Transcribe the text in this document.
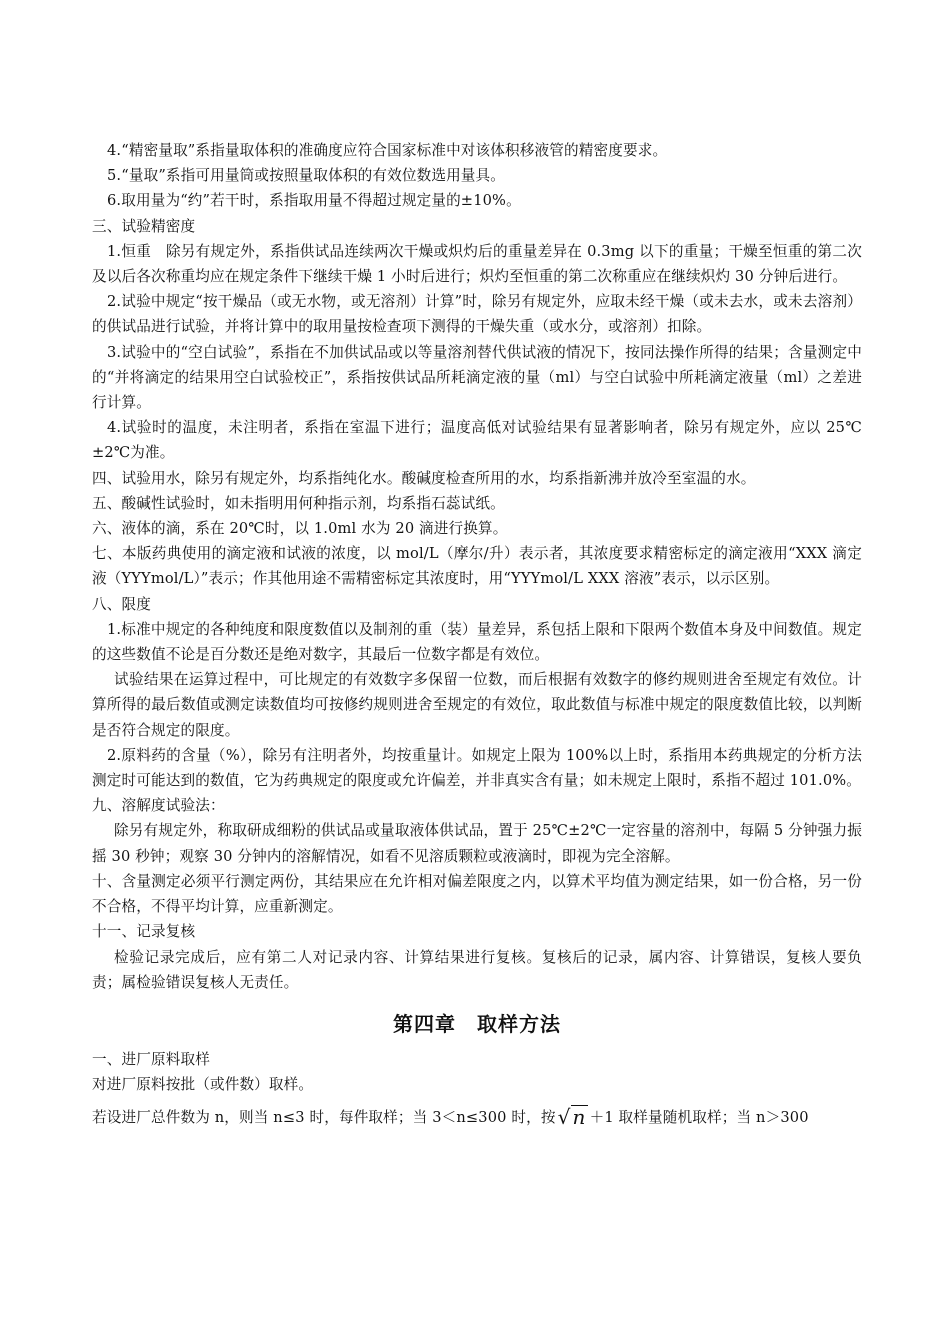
4.“精密量取”系指量取体积的准确度应符合国家标准中对该体积移液管的精密度要求。

5.“量取”系指可用量筒或按照量取体积的有效位数选用量具。

6.取用量为“约”若干时，系指取用量不得超过规定量的±10%。

三、试验精密度

1.恒重　除另有规定外，系指供试品连续两次干燥或炽灼后的重量差异在 0.3mg 以下的重量；干燥至恒重的第二次及以后各次称重均应在规定条件下继续干燥 1 小时后进行；炽灼至恒重的第二次称重应在继续炽灼 30 分钟后进行。

2.试验中规定“按干燥品（或无水物，或无溶剂）计算”时，除另有规定外，应取未经干燥（或未去水，或未去溶剂）的供试品进行试验，并将计算中的取用量按检查项下测得的干燥失重（或水分，或溶剂）扣除。

3.试验中的“空白试验”，系指在不加供试品或以等量溶剂替代供试液的情况下，按同法操作所得的结果；含量测定中的“并将滴定的结果用空白试验校正”，系指按供试品所耗滴定液的量（ml）与空白试验中所耗滴定液量（ml）之差进行计算。

4.试验时的温度，未注明者，系指在室温下进行；温度高低对试验结果有显著影响者，除另有规定外，应以 25℃±2℃为准。

四、试验用水，除另有规定外，均系指纯化水。酸碱度检查所用的水，均系指新沸并放冷至室温的水。

五、酸碱性试验时，如未指明用何种指示剂，均系指石蕊试纸。

六、液体的滴，系在 20℃时，以 1.0ml 水为 20 滴进行换算。

七、本版药典使用的滴定液和试液的浓度，以 mol/L（摩尔/升）表示者，其浓度要求精密标定的滴定液用“XXX 滴定液（YYYmol/L）”表示；作其他用途不需精密标定其浓度时，用“YYYmol/L XXX 溶液”表示，以示区别。

八、限度

1.标准中规定的各种纯度和限度数值以及制剂的重（装）量差异，系包括上限和下限两个数值本身及中间数值。规定的这些数值不论是百分数还是绝对数字，其最后一位数字都是有效位。

试验结果在运算过程中，可比规定的有效数字多保留一位数，而后根据有效数字的修约规则进舍至规定有效位。计算所得的最后数值或测定读数值均可按修约规则进舍至规定的有效位，取此数值与标准中规定的限度数值比较，以判断是否符合规定的限度。

2.原料药的含量（%），除另有注明者外，均按重量计。如规定上限为 100%以上时，系指用本药典规定的分析方法测定时可能达到的数值，它为药典规定的限度或允许偏差，并非真实含有量；如未规定上限时，系指不超过 101.0%。

九、溶解度试验法：

除另有规定外，称取研成细粉的供试品或量取液体供试品，置于 25℃±2℃一定容量的溶剂中，每隔 5 分钟强力振摇 30 秒钟；观察 30 分钟内的溶解情况，如看不见溶质颗粒或液滴时，即视为完全溶解。

十、含量测定必须平行测定两份，其结果应在允许相对偏差限度之内，以算术平均值为测定结果，如一份合格，另一份不合格，不得平均计算，应重新测定。

十一、记录复核

检验记录完成后，应有第二人对记录内容、计算结果进行复核。复核后的记录，属内容、计算错误，复核人要负责；属检验错误复核人无责任。

第四章　取样方法

一、进厂原料取样

对进厂原料按批（或件数）取样。

若设进厂总件数为 n，则当 n≤3 时，每件取样；当 3＜n≤300 时，按 √ n ＋1 取样量随机取样；当 n＞300
